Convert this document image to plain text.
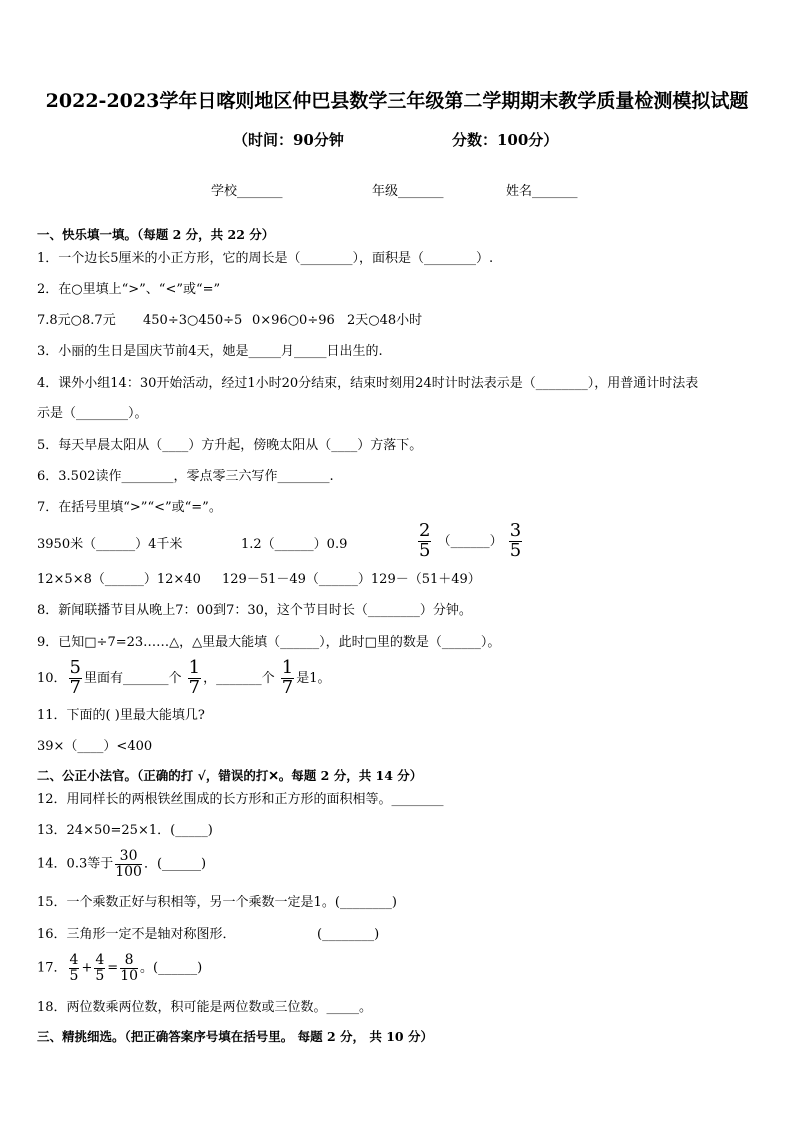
2022-2023学年日喀则地区仲巴县数学三年级第二学期期末教学质量检测模拟试题
（时间：90分钟	分数：100分）
学校_______	年级_______	姓名_______
一、快乐填一填。（每题 2 分，共 22 分）
1．一个边长5厘米的小正方形，它的周长是（________），面积是（________）.
2．在○里填上“>”、“<”或“=”
7.8元○8.7元 450÷3○450÷5 0×96○0÷96 2天○48小时
3．小丽的生日是国庆节前4天，她是_____月_____日出生的.
4．课外小组14：30开始活动，经过1小时20分结束，结束时刻用24时计时法表示是（________），用普通计时法表
示是（________）。
5．每天早晨太阳从（____）方升起，傍晚太阳从（____）方落下。
6．3.502读作________，零点零三六写作________.
7．在括号里填“>”“<”或“=”。
3950米（______）4千米	1.2（______）0.9	$\frac{2}{5}$ （______） $\frac{3}{5}$
12×5×8（______）12×40 129－51－49（______）129－（51＋49）
8．新闻联播节目从晚上7：00到7：30，这个节目时长（________）分钟。
9．已知□÷7=23……△，△里最大能填（______），此时□里的数是（______）。
10． $\frac{5}{7}$ 里面有_______个 $\frac{1}{7}$ ，_______个 $\frac{1}{7}$ 是1。
11．下面的( )里最大能填几?
39×（____）<400
二、公正小法官。（正确的打 √，错误的打✕。每题 2 分，共 14 分）
12．用同样长的两根铁丝围成的长方形和正方形的面积相等。________
13．24×50=25×1．(_____)
14．0.3等于 $\frac{30}{100}$ ．(______)
15．一个乘数正好与积相等，另一个乘数一定是1。(________)
16．三角形一定不是轴对称图形．	(________)
17． $\frac{4}{5} + \frac{4}{5} = \frac{8}{10}$ 。(______)
18．两位数乘两位数，积可能是两位数或三位数。_____。
三、精挑细选。（把正确答案序号填在括号里。 每题 2 分， 共 10 分）
